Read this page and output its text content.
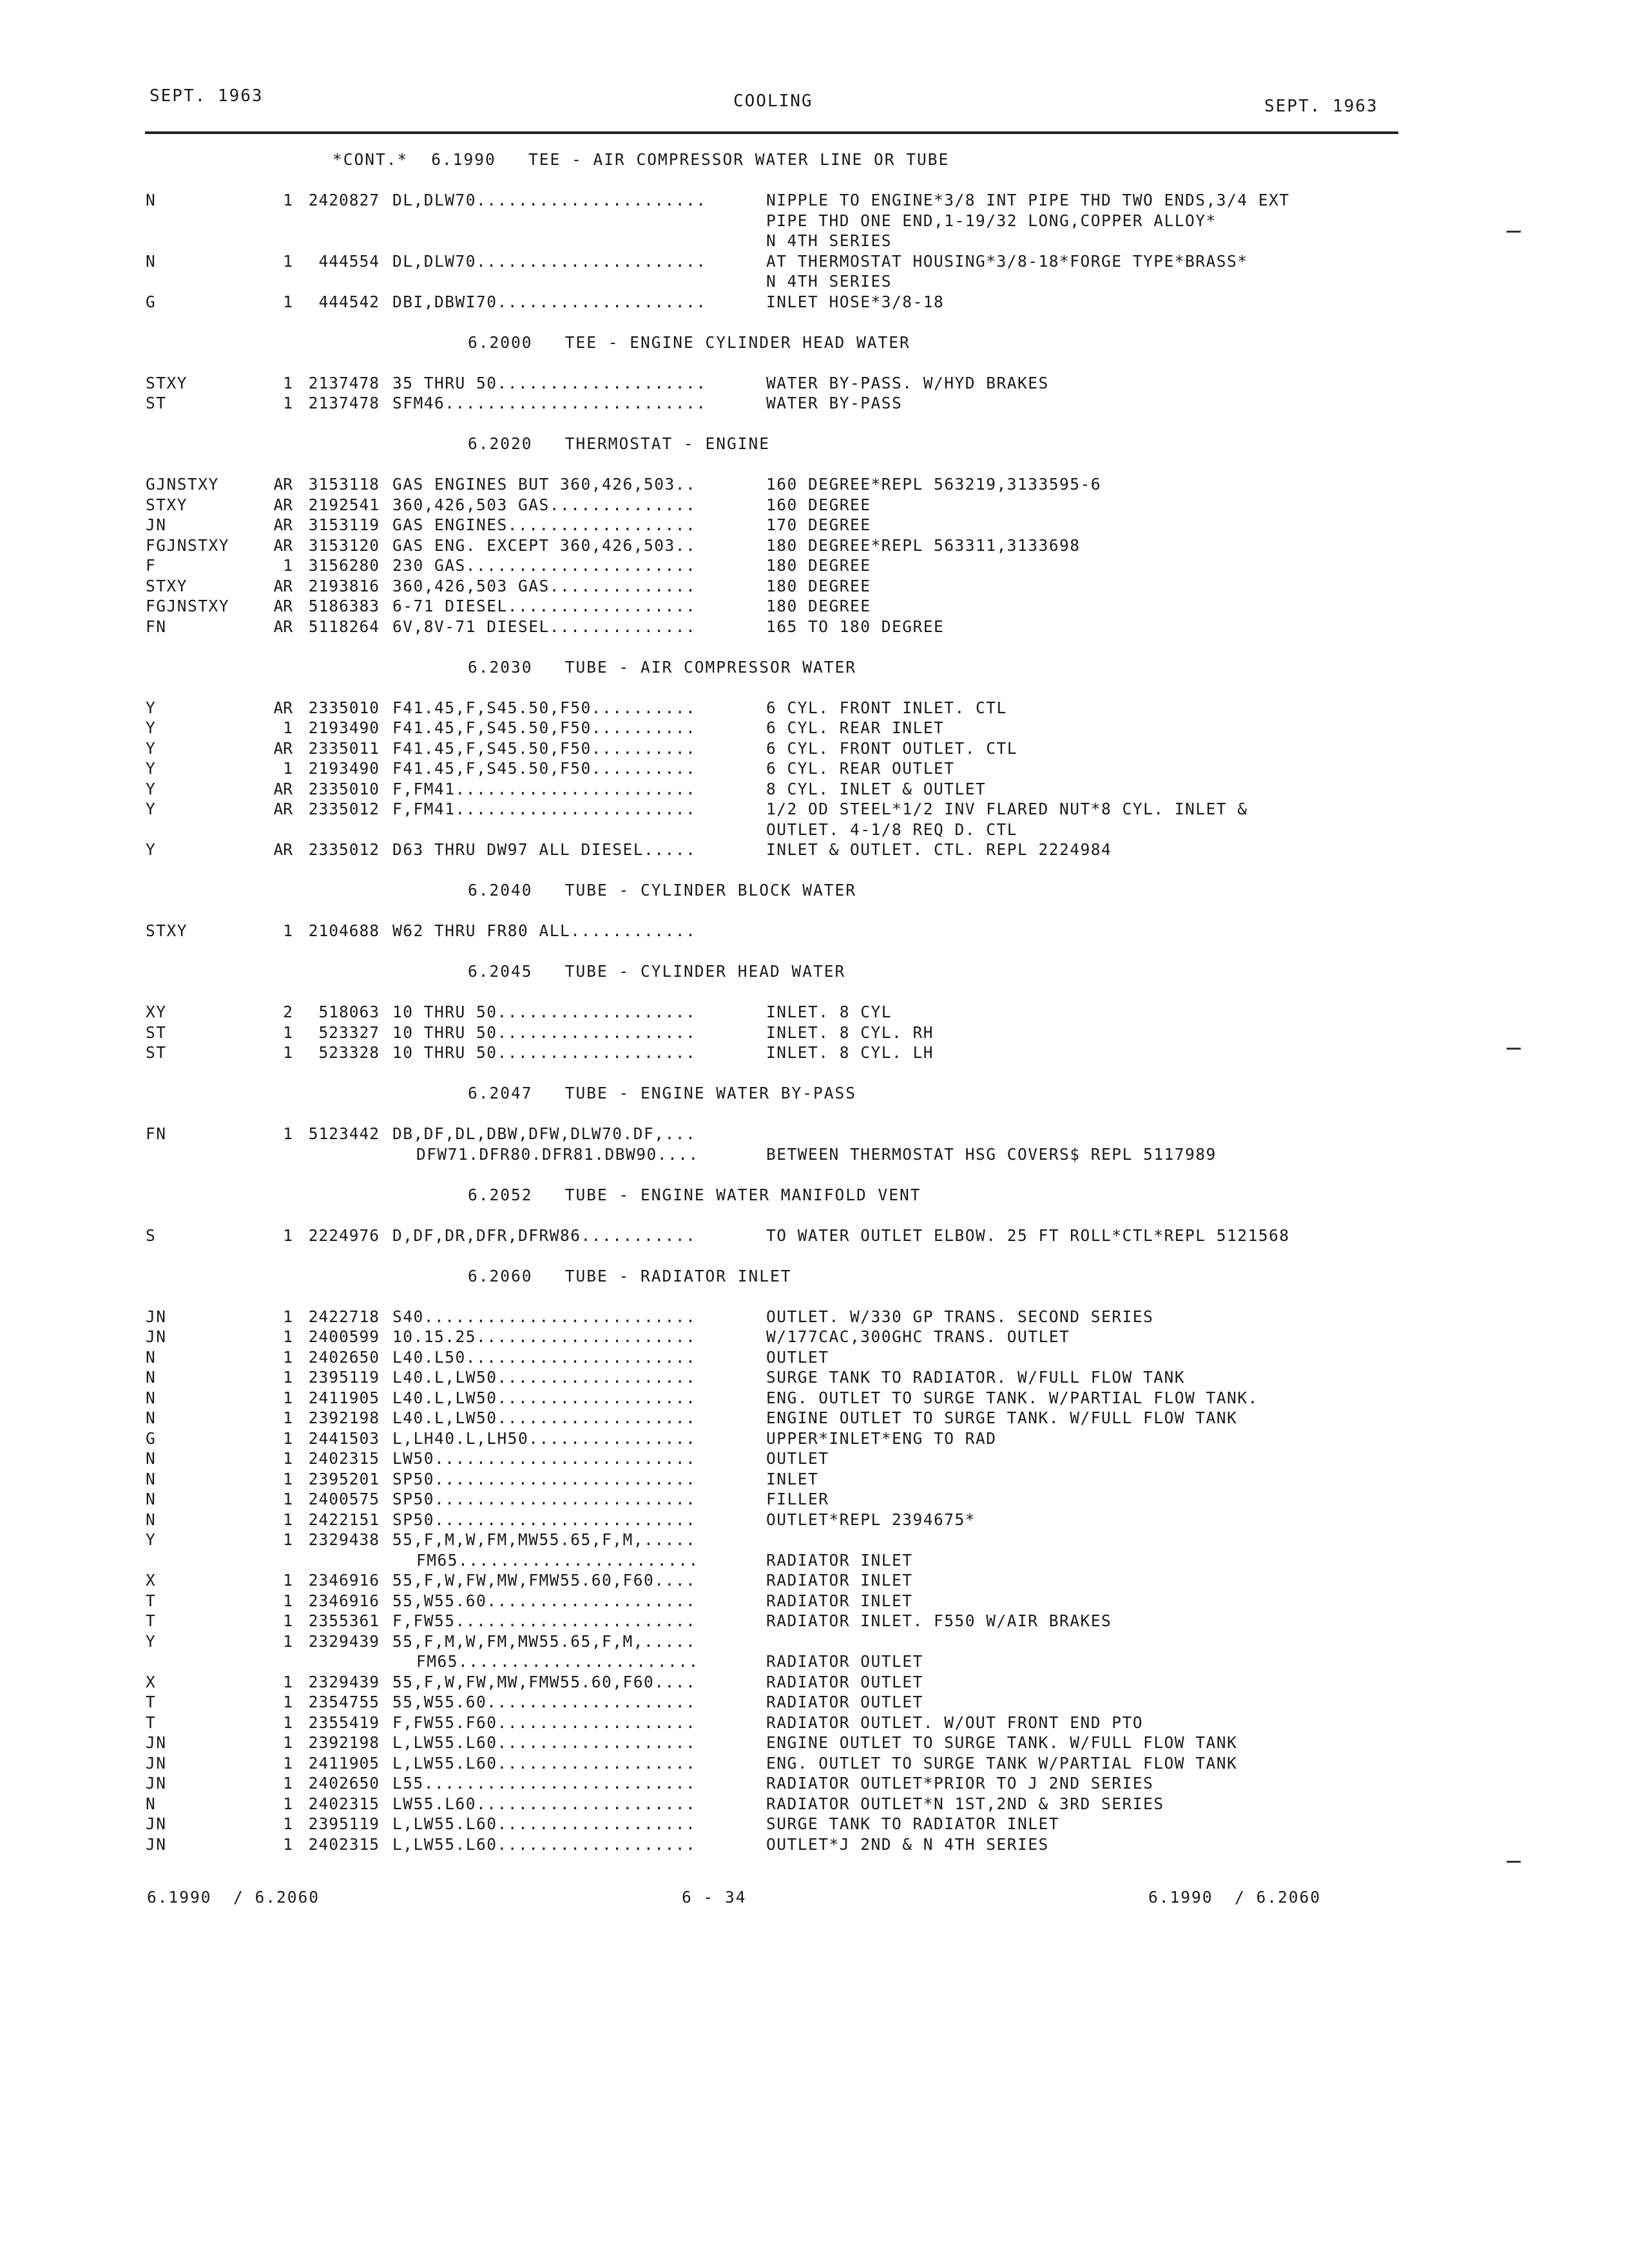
SEPT. 1963	COOLING	SEPT. 1963
*CONT.* 6.1990 TEE - AIR COMPRESSOR WATER LINE OR TUBE
N	1	2420827 DL,DLW70......................	NIPPLE TO ENGINE*3/8 INT PIPE THD TWO ENDS,3/4 EXT
PIPE THD ONE END,1-19/32 LONG,COPPER ALLOY*
N 4TH SERIES
N	1	444554 DL,DLW70......................	AT THERMOSTAT HOUSING*3/8-18*FORGE TYPE*BRASS*
N 4TH SERIES
G	1	444542 DBI,DBWI70....................	INLET HOSE*3/8-18
6.2000 TEE - ENGINE CYLINDER HEAD WATER
STXY	1	2137478 35 THRU 50....................	WATER BY-PASS. W/HYD BRAKES
ST	1	2137478 SFM46.........................	WATER BY-PASS
6.2020 THERMOSTAT - ENGINE
GJNSTXY	AR	3153118 GAS ENGINES BUT 360,426,503..	160 DEGREE*REPL 563219,3133595-6
STXY	AR	2192541 360,426,503 GAS..............	160 DEGREE
JN	AR	3153119 GAS ENGINES..................	170 DEGREE
FGJNSTXY	AR	3153120 GAS ENG. EXCEPT 360,426,503..	180 DEGREE*REPL 563311,3133698
F	1	3156280 230 GAS......................	180 DEGREE
STXY	AR	2193816 360,426,503 GAS..............	180 DEGREE
FGJNSTXY	AR	5186383 6-71 DIESEL..................	180 DEGREE
FN	AR	5118264 6V,8V-71 DIESEL..............	165 TO 180 DEGREE
6.2030 TUBE - AIR COMPRESSOR WATER
Y	AR	2335010 F41.45,F,S45.50,F50..........	6 CYL. FRONT INLET. CTL
Y	1	2193490 F41.45,F,S45.50,F50..........	6 CYL. REAR INLET
Y	AR	2335011 F41.45,F,S45.50,F50..........	6 CYL. FRONT OUTLET. CTL
Y	1	2193490 F41.45,F,S45.50,F50..........	6 CYL. REAR OUTLET
Y	AR	2335010 F,FM41.......................	8 CYL. INLET & OUTLET
Y	AR	2335012 F,FM41.......................	1/2 OD STEEL*1/2 INV FLARED NUT*8 CYL. INLET &
OUTLET. 4-1/8 REQ D. CTL
Y	AR	2335012 D63 THRU DW97 ALL DIESEL.....	INLET & OUTLET. CTL. REPL 2224984
6.2040 TUBE - CYLINDER BLOCK WATER
STXY	1	2104688 W62 THRU FR80 ALL............
6.2045 TUBE - CYLINDER HEAD WATER
XY	2	518063 10 THRU 50...................	INLET. 8 CYL
ST	1	523327 10 THRU 50...................	INLET. 8 CYL. RH
ST	1	523328 10 THRU 50...................	INLET. 8 CYL. LH
6.2047 TUBE - ENGINE WATER BY-PASS
FN	1	5123442 DB,DF,DL,DBW,DFW,DLW70.DF,...
DFW71.DFR80.DFR81.DBW90....	BETWEEN THERMOSTAT HSG COVERS$ REPL 5117989
6.2052 TUBE - ENGINE WATER MANIFOLD VENT
S	1	2224976 D,DF,DR,DFR,DFRW86...........	TO WATER OUTLET ELBOW. 25 FT ROLL*CTL*REPL 5121568
6.2060 TUBE - RADIATOR INLET
JN	1	2422718 S40..........................	OUTLET. W/330 GP TRANS. SECOND SERIES
JN	1	2400599 10.15.25.....................	W/177CAC,300GHC TRANS. OUTLET
N	1	2402650 L40.L50......................	OUTLET
N	1	2395119 L40.L,LW50...................	SURGE TANK TO RADIATOR. W/FULL FLOW TANK
N	1	2411905 L40.L,LW50...................	ENG. OUTLET TO SURGE TANK. W/PARTIAL FLOW TANK.
N	1	2392198 L40.L,LW50...................	ENGINE OUTLET TO SURGE TANK. W/FULL FLOW TANK
G	1	2441503 L,LH40.L,LH50................	UPPER*INLET*ENG TO RAD
N	1	2402315 LW50.........................	OUTLET
N	1	2395201 SP50.........................	INLET
N	1	2400575 SP50.........................	FILLER
N	1	2422151 SP50.........................	OUTLET*REPL 2394675*
Y	1	2329438 55,F,M,W,FM,MW55.65,F,M,.....
FM65.......................	RADIATOR INLET
X	1	2346916 55,F,W,FW,MW,FMW55.60,F60....	RADIATOR INLET
T	1	2346916 55,W55.60....................	RADIATOR INLET
T	1	2355361 F,FW55.......................	RADIATOR INLET. F550 W/AIR BRAKES
Y	1	2329439 55,F,M,W,FM,MW55.65,F,M,.....
FM65.......................	RADIATOR OUTLET
X	1	2329439 55,F,W,FW,MW,FMW55.60,F60....	RADIATOR OUTLET
T	1	2354755 55,W55.60....................	RADIATOR OUTLET
T	1	2355419 F,FW55.F60...................	RADIATOR OUTLET. W/OUT FRONT END PTO
JN	1	2392198 L,LW55.L60...................	ENGINE OUTLET TO SURGE TANK. W/FULL FLOW TANK
JN	1	2411905 L,LW55.L60...................	ENG. OUTLET TO SURGE TANK W/PARTIAL FLOW TANK
JN	1	2402650 L55..........................	RADIATOR OUTLET*PRIOR TO J 2ND SERIES
N	1	2402315 LW55.L60.....................	RADIATOR OUTLET*N 1ST,2ND & 3RD SERIES
JN	1	2395119 L,LW55.L60...................	SURGE TANK TO RADIATOR INLET
JN	1	2402315 L,LW55.L60...................	OUTLET*J 2ND & N 4TH SERIES
6.1990  / 6.2060	6 - 34	6.1990  / 6.2060
